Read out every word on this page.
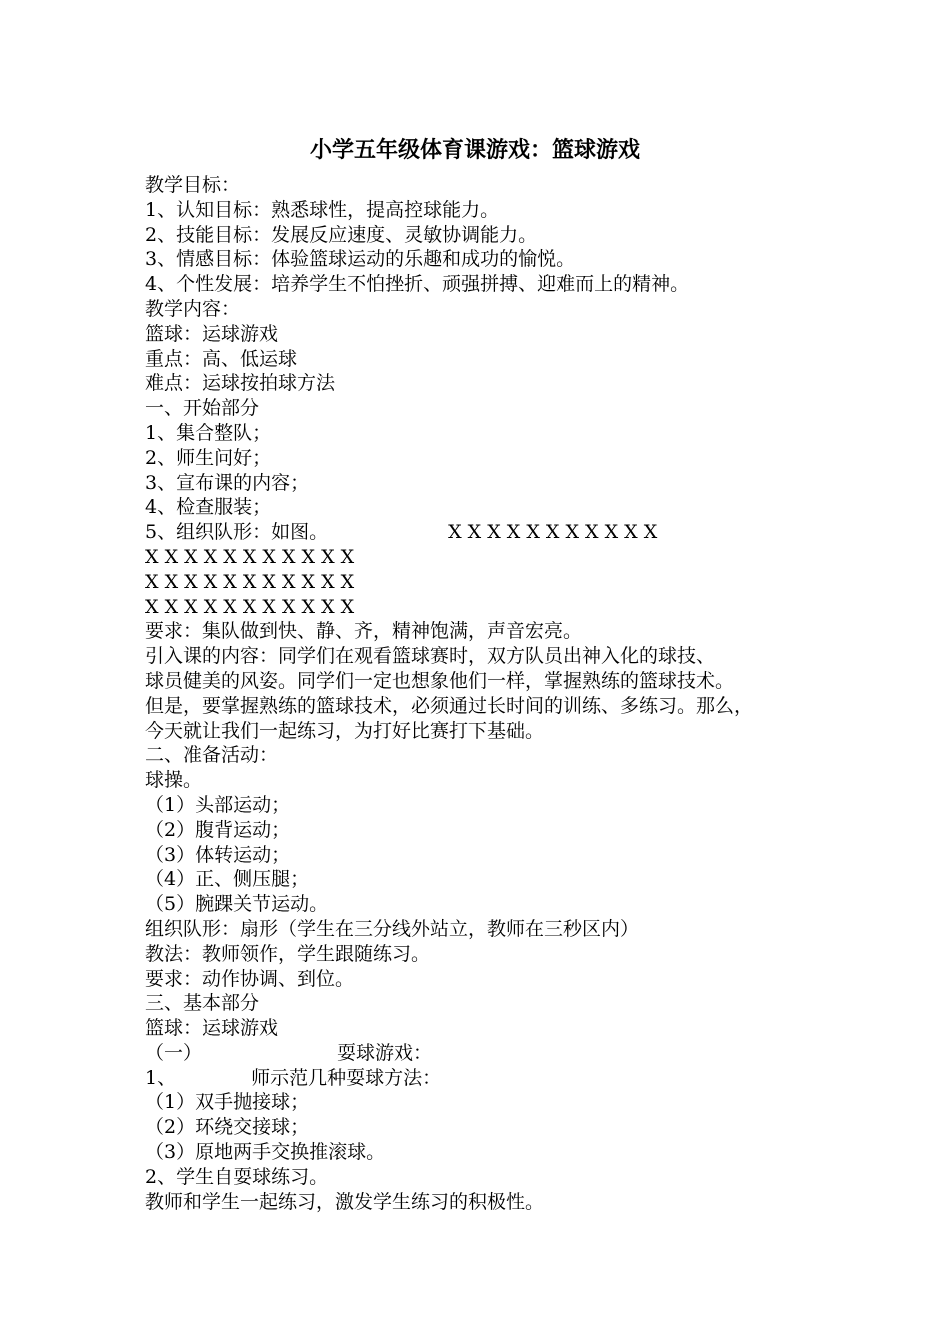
小学五年级体育课游戏：篮球游戏
教学目标：
1、认知目标：熟悉球性，提高控球能力。
2、技能目标：发展反应速度、灵敏协调能力。
3、情感目标：体验篮球运动的乐趣和成功的愉悦。
4、个性发展：培养学生不怕挫折、顽强拼搏、迎难而上的精神。
教学内容：
篮球：运球游戏
重点：高、低运球
难点：运球按拍球方法
一、开始部分
1、集合整队；
2、师生问好；
3、宣布课的内容；
4、检查服装；
5、组织队形：如图。	X X X X X X X X X X X
X X X X X X X X X X X
X X X X X X X X X X X
X X X X X X X X X X X
要求：集队做到快、静、齐，精神饱满，声音宏亮。
引入课的内容：同学们在观看篮球赛时，双方队员出神入化的球技、
球员健美的风姿。同学们一定也想象他们一样，掌握熟练的篮球技术。
但是，要掌握熟练的篮球技术，必须通过长时间的训练、多练习。那么，
今天就让我们一起练习，为打好比赛打下基础。
二、准备活动：
球操。
（1）头部运动；
（2）腹背运动；
（3）体转运动；
（4）正、侧压腿；
（5）腕踝关节运动。
组织队形：扇形（学生在三分线外站立，教师在三秒区内）
教法：教师领作，学生跟随练习。
要求：动作协调、到位。
三、基本部分
篮球：运球游戏
（一）	耍球游戏：
1、	师示范几种耍球方法：
（1）双手抛接球；
（2）环绕交接球；
（3）原地两手交换推滚球。
2、学生自耍球练习。
教师和学生一起练习，激发学生练习的积极性。
